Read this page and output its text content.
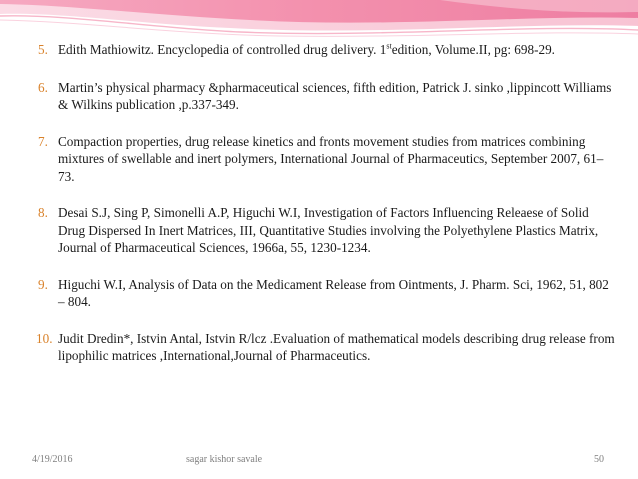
5. Edith Mathiowitz. Encyclopedia of controlled drug delivery. 1stedition, Volume.II, pg: 698-29.
6. Martin’s physical pharmacy &pharmaceutical sciences, fifth edition, Patrick J. sinko ,lippincott Williams & Wilkins publication ,p.337-349.
7. Compaction properties, drug release kinetics and fronts movement studies from matrices combining mixtures of swellable and inert polymers, International Journal of Pharmaceutics, September 2007, 61–73.
8. Desai S.J, Sing P, Simonelli A.P, Higuchi W.I, Investigation of Factors Influencing Releaese of Solid Drug Dispersed In Inert Matrices, III, Quantitative Studies involving the Polyethylene Plastics Matrix, Journal of Pharmaceutical Sciences, 1966a, 55, 1230-1234.
9. Higuchi W.I, Analysis of Data on the Medicament Release from Ointments, J. Pharm. Sci, 1962, 51, 802 – 804.
10. Judit Dredin*, Istvin Antal, Istvin R/lcz .Evaluation of mathematical models describing drug release from lipophilic matrices ,International,Journal of Pharmaceutics.
4/19/2016	sagar kishor savale	50
